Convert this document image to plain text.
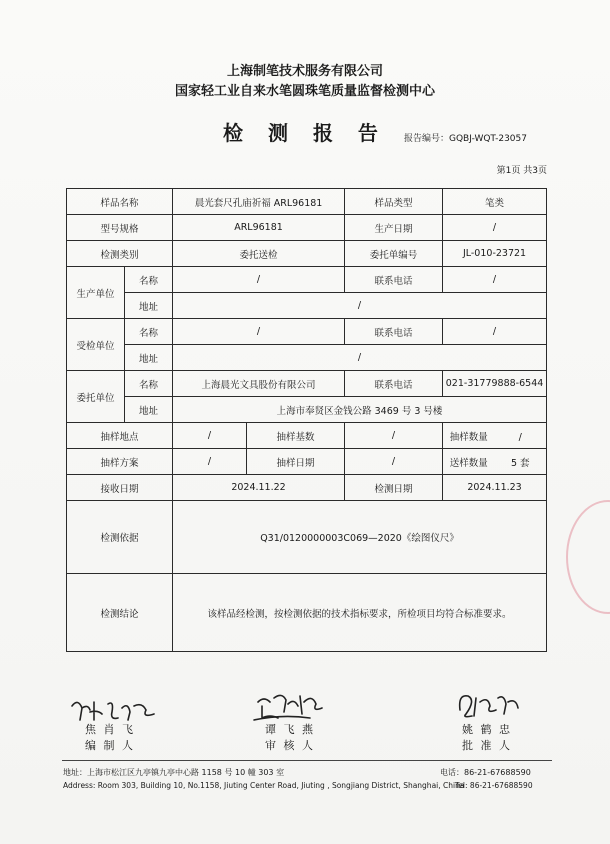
上海制笔技术服务有限公司
国家轻工业自来水笔圆珠笔质量监督检测中心
检 测 报 告	报告编号：GQBJ-WQT-23057
第1页 共3页
样品名称		晨光套尺孔庙祈福 ARL96181		样品类型	笔类
型号规格		ARL96181		生产日期	/
检测类别		委托送检		委托单编号	JL-010-23721
生产单位	名称	/		联系电话	/
	地址	/			
受检单位	名称	/		联系电话	/
	地址	/			
委托单位	名称	上海晨光文具股份有限公司		联系电话	021-31779888-6544
	地址	上海市奉贤区金钱公路 3469 号 3 号楼			
抽样地点		/	抽样基数	/	抽样数量 /
抽样方案		/	抽样日期	/	送样数量 5 套
接收日期		2024.11.22		检测日期	2024.11.23
检测依据		Q31/0120000003C069—2020《绘图仪尺》			
检测结论		该样品经检测，按检测依据的技术指标要求，所检项目均符合标准要求。			
焦 肖 飞
编 制 人
谭 飞 燕
审 核 人
姚 鹤 忠
批 准 人
地址：上海市松江区九亭镇九亭中心路 1158 号 10 幢 303 室	电话：86-21-67688590
Address: Room 303, Building 10, No.1158, Jiuting Center Road, Jiuting , Songjiang District, Shanghai, China
Tel: 86-21-67688590
